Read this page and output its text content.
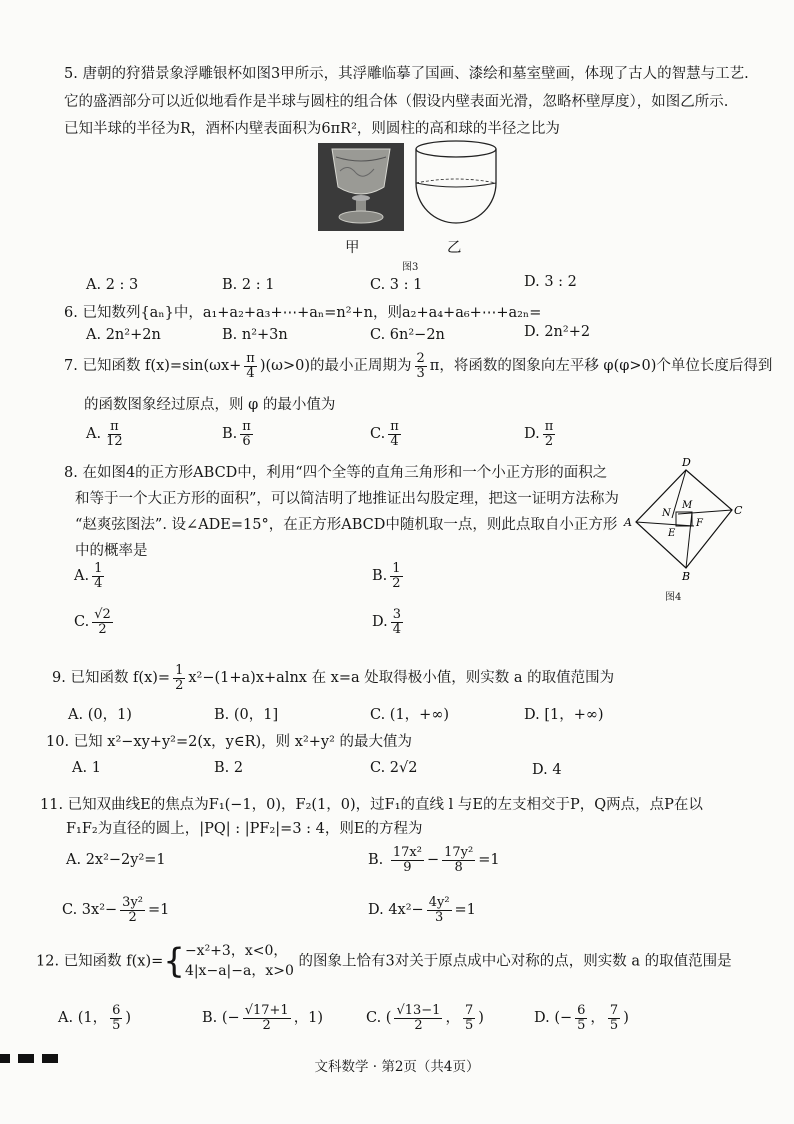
5. 唐朝的狩猎景象浮雕银杯如图3甲所示，其浮雕临摹了国画、漆绘和墓室壁画，体现了古人的智慧与工艺.
它的盛酒部分可以近似地看作是半球与圆柱的组合体（假设内壁表面光滑，忽略杯壁厚度），如图乙所示.
已知半球的半径为R，酒杯内壁表面积为6πR²，则圆柱的高和球的半径之比为
甲	乙
图3
A. 2 : 3	B. 2 : 1	C. 3 : 1	D. 3 : 2
6. 已知数列{aₙ}中，a₁+a₂+a₃+⋯+aₙ=n²+n，则a₂+a₄+a₆+⋯+a₂ₙ=
A. 2n²+2n	B. n²+3n	C. 6n²−2n	D. 2n²+2
7. 已知函数 $f(x)=\sin(\omega x+ \frac{\pi}{4} )(\omega>0)$的最小正周期为 $\frac{2}{3}$ π，将函数的图象向左平移 φ(φ>0)个单位长度后得到
的函数图象经过原点，则 φ 的最小值为
A. $\frac{\pi}{12}$	B. $\frac{\pi}{6}$	C. $\frac{\pi}{4}$	D. $\frac{\pi}{2}$
8. 在如图4的正方形ABCD中，利用“四个全等的直角三角形和一个小正方形的面积之
和等于一个大正方形的面积”，可以简洁明了地推证出勾股定理，把这一证明方法称为
“赵爽弦图法”. 设∠ADE=15°，在正方形ABCD中随机取一点，则此点取自小正方形
中的概率是
D
C
B
A
N
M
E
F
图4
A. $\frac{1}{4}$	B. $\frac{1}{2}$
C. $\frac{√2}{2}$	D. $\frac{3}{4}$
9. 已知函数 $f(x)= \frac{1}{2} x^2-(1+a)x+alnx$ 在 x=a 处取得极小值，则实数 a 的取值范围为
A. (0，1)	B. (0，1]	C. (1，+∞)	D. [1，+∞)
10. 已知 x²−xy+y²=2(x，y∈R)，则 x²+y² 的最大值为
A. 1	B. 2	C. 2√2	D. 4
11. 已知双曲线E的焦点为F₁(−1，0)，F₂(1，0)，过F₁的直线 l 与E的左支相交于P，Q两点，点P在以
F₁F₂为直径的圆上，|PQ| : |PF₂|=3 : 4，则E的方程为
A. 2x²−2y²=1	B. $\frac{\text{17x²}}{9} - \frac{\text{17y²}}{8} =1$
C. $3x^2- \frac{\text{3y²}}{2} =1$	D. $4x^2- \frac{\text{4y²}}{3} =1$
12. 已知函数 f(x)={ −x²+3，x<0，
4|x−a|−a，x>0
的图象上恰有3对关于原点成中心对称的点，则实数 a 的取值范围是
A. (1， $\frac{6}{5}$ )	B. (− $\frac{√17+1}{2}$ ，1)	C. ( $\frac{√13-1}{2}$ ， $\frac{7}{5}$ )	D. (− $\frac{6}{5}$ ， $\frac{7}{5}$ )
文科数学 · 第2页（共4页）
